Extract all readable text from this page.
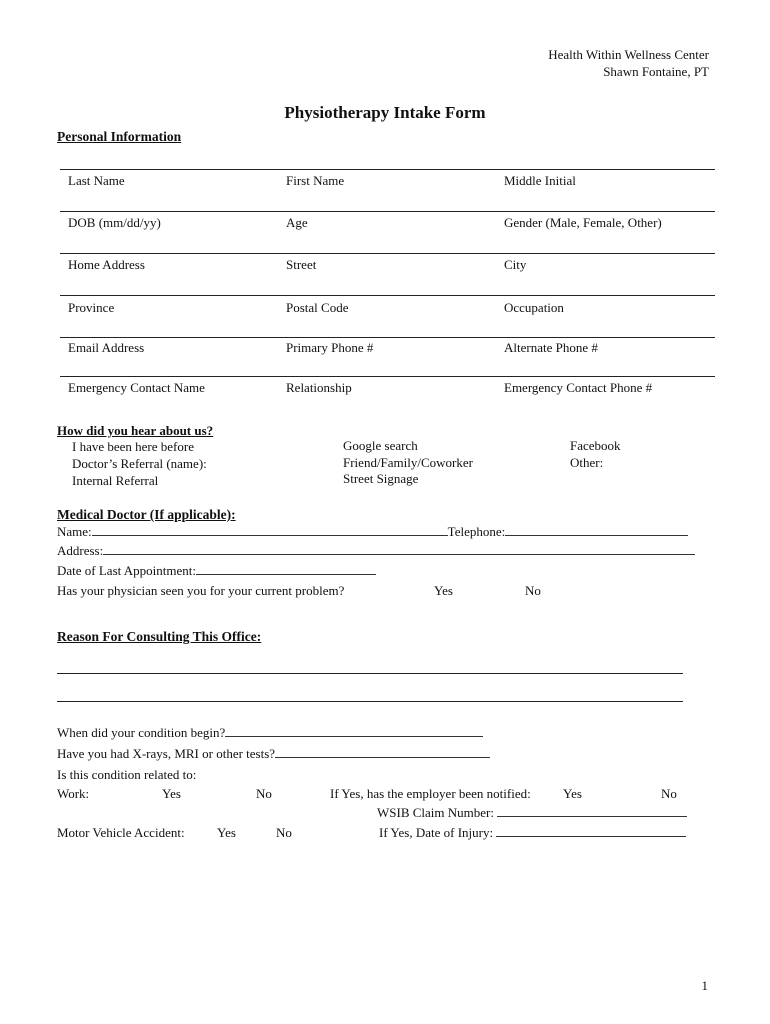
Health Within Wellness Center
Shawn Fontaine, PT
Physiotherapy Intake Form
Personal Information
Last Name	First Name	Middle Initial
DOB (mm/dd/yy)	Age	Gender (Male, Female, Other)
Home Address	Street	City
Province	Postal Code	Occupation
Email Address	Primary Phone #	Alternate Phone #
Emergency Contact Name	Relationship	Emergency Contact Phone #
How did you hear about us?
I have been here before
Doctor’s Referral (name):
Internal Referral
Google search
Friend/Family/Coworker
Street Signage
Facebook
Other:
Medical Doctor (If applicable):
Name:	Telephone:
Address:
Date of Last Appointment:
Has your physician seen you for your current problem?	Yes	No
Reason For Consulting This Office:
When did your condition begin?
Have you had X-rays, MRI or other tests?
Is this condition related to:
Work:	Yes	No	If Yes, has the employer been notified: Yes	No
WSIB Claim Number:
Motor Vehicle Accident: Yes	No	If Yes, Date of Injury:
1
